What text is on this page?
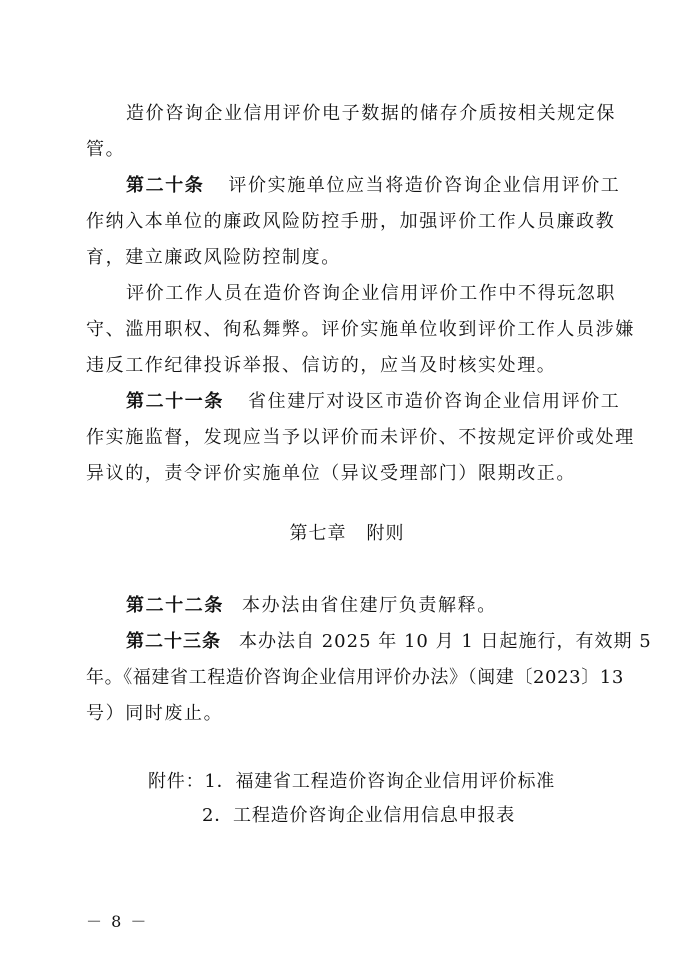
造价咨询企业信用评价电子数据的储存介质按相关规定保
管。
第二十条 评价实施单位应当将造价咨询企业信用评价工
作纳入本单位的廉政风险防控手册，加强评价工作人员廉政教
育，建立廉政风险防控制度。
评价工作人员在造价咨询企业信用评价工作中不得玩忽职
守、滥用职权、徇私舞弊。评价实施单位收到评价工作人员涉嫌
违反工作纪律投诉举报、信访的，应当及时核实处理。
第二十一条 省住建厅对设区市造价咨询企业信用评价工
作实施监督，发现应当予以评价而未评价、不按规定评价或处理
异议的，责令评价实施单位（异议受理部门）限期改正。
第七章 附则
第二十二条 本办法由省住建厅负责解释。
第二十三条 本办法自 2025 年 10 月 1 日起施行，有效期 5
年。《福建省工程造价咨询企业信用评价办法》（闽建〔2023〕13
号）同时废止。
附件：1．福建省工程造价咨询企业信用评价标准
2．工程造价咨询企业信用信息申报表
－ 8 －
